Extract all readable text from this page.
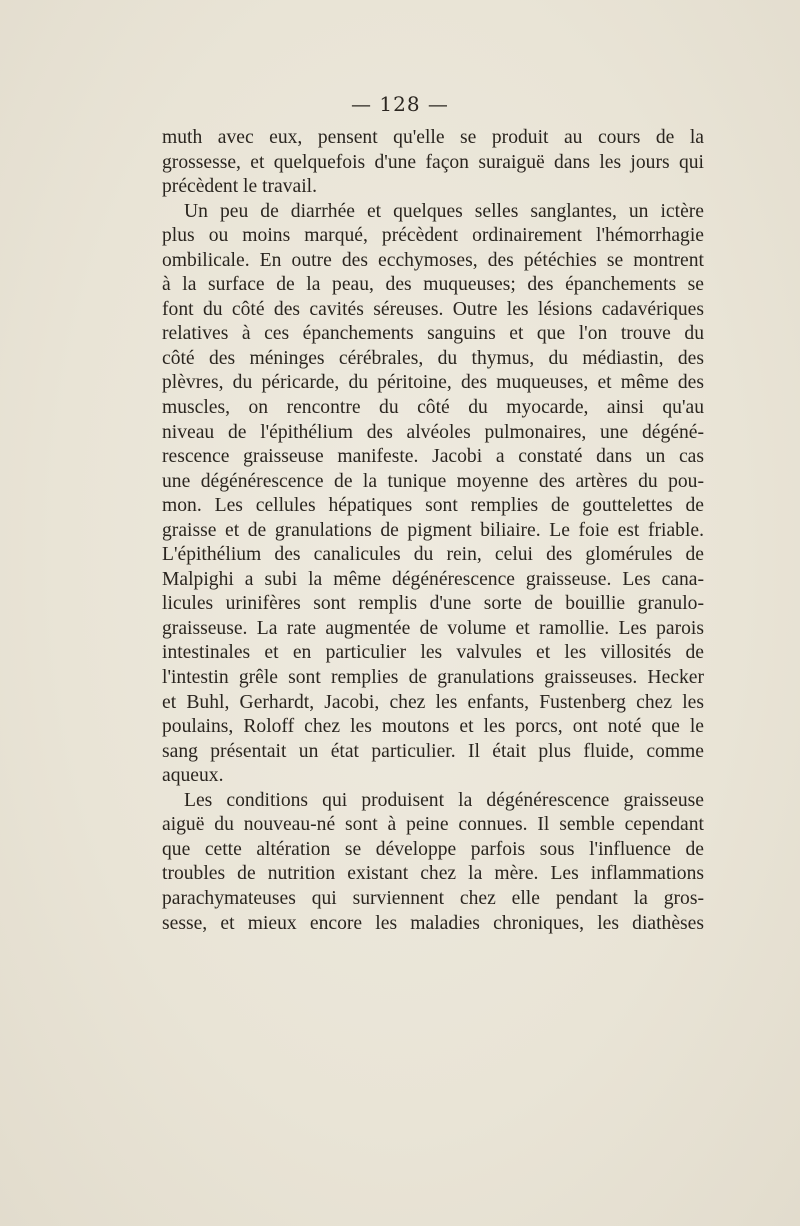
— 128 —
muth avec eux, pensent qu'elle se produit au cours de la
grossesse, et quelquefois d'une façon suraiguë dans les jours qui
précèdent le travail.
Un peu de diarrhée et quelques selles sanglantes, un ictère
plus ou moins marqué, précèdent ordinairement l'hémorrhagie
ombilicale. En outre des ecchymoses, des pétéchies se montrent
à la surface de la peau, des muqueuses; des épanchements se
font du côté des cavités séreuses. Outre les lésions cadavériques
relatives à ces épanchements sanguins et que l'on trouve du
côté des méninges cérébrales, du thymus, du médiastin, des
plèvres, du péricarde, du péritoine, des muqueuses, et même des
muscles, on rencontre du côté du myocarde, ainsi qu'au
niveau de l'épithélium des alvéoles pulmonaires, une dégéné-
rescence graisseuse manifeste. Jacobi a constaté dans un cas
une dégénérescence de la tunique moyenne des artères du pou-
mon. Les cellules hépatiques sont remplies de gouttelettes de
graisse et de granulations de pigment biliaire. Le foie est friable.
L'épithélium des canalicules du rein, celui des glomérules de
Malpighi a subi la même dégénérescence graisseuse. Les cana-
licules urinifères sont remplis d'une sorte de bouillie granulo-
graisseuse. La rate augmentée de volume et ramollie. Les parois
intestinales et en particulier les valvules et les villosités de
l'intestin grêle sont remplies de granulations graisseuses. Hecker
et Buhl, Gerhardt, Jacobi, chez les enfants, Fustenberg chez les
poulains, Roloff chez les moutons et les porcs, ont noté que le
sang présentait un état particulier. Il était plus fluide, comme
aqueux.
Les conditions qui produisent la dégénérescence graisseuse
aiguë du nouveau-né sont à peine connues. Il semble cependant
que cette altération se développe parfois sous l'influence de
troubles de nutrition existant chez la mère. Les inflammations
parachymateuses qui surviennent chez elle pendant la gros-
sesse, et mieux encore les maladies chroniques, les diathèses
